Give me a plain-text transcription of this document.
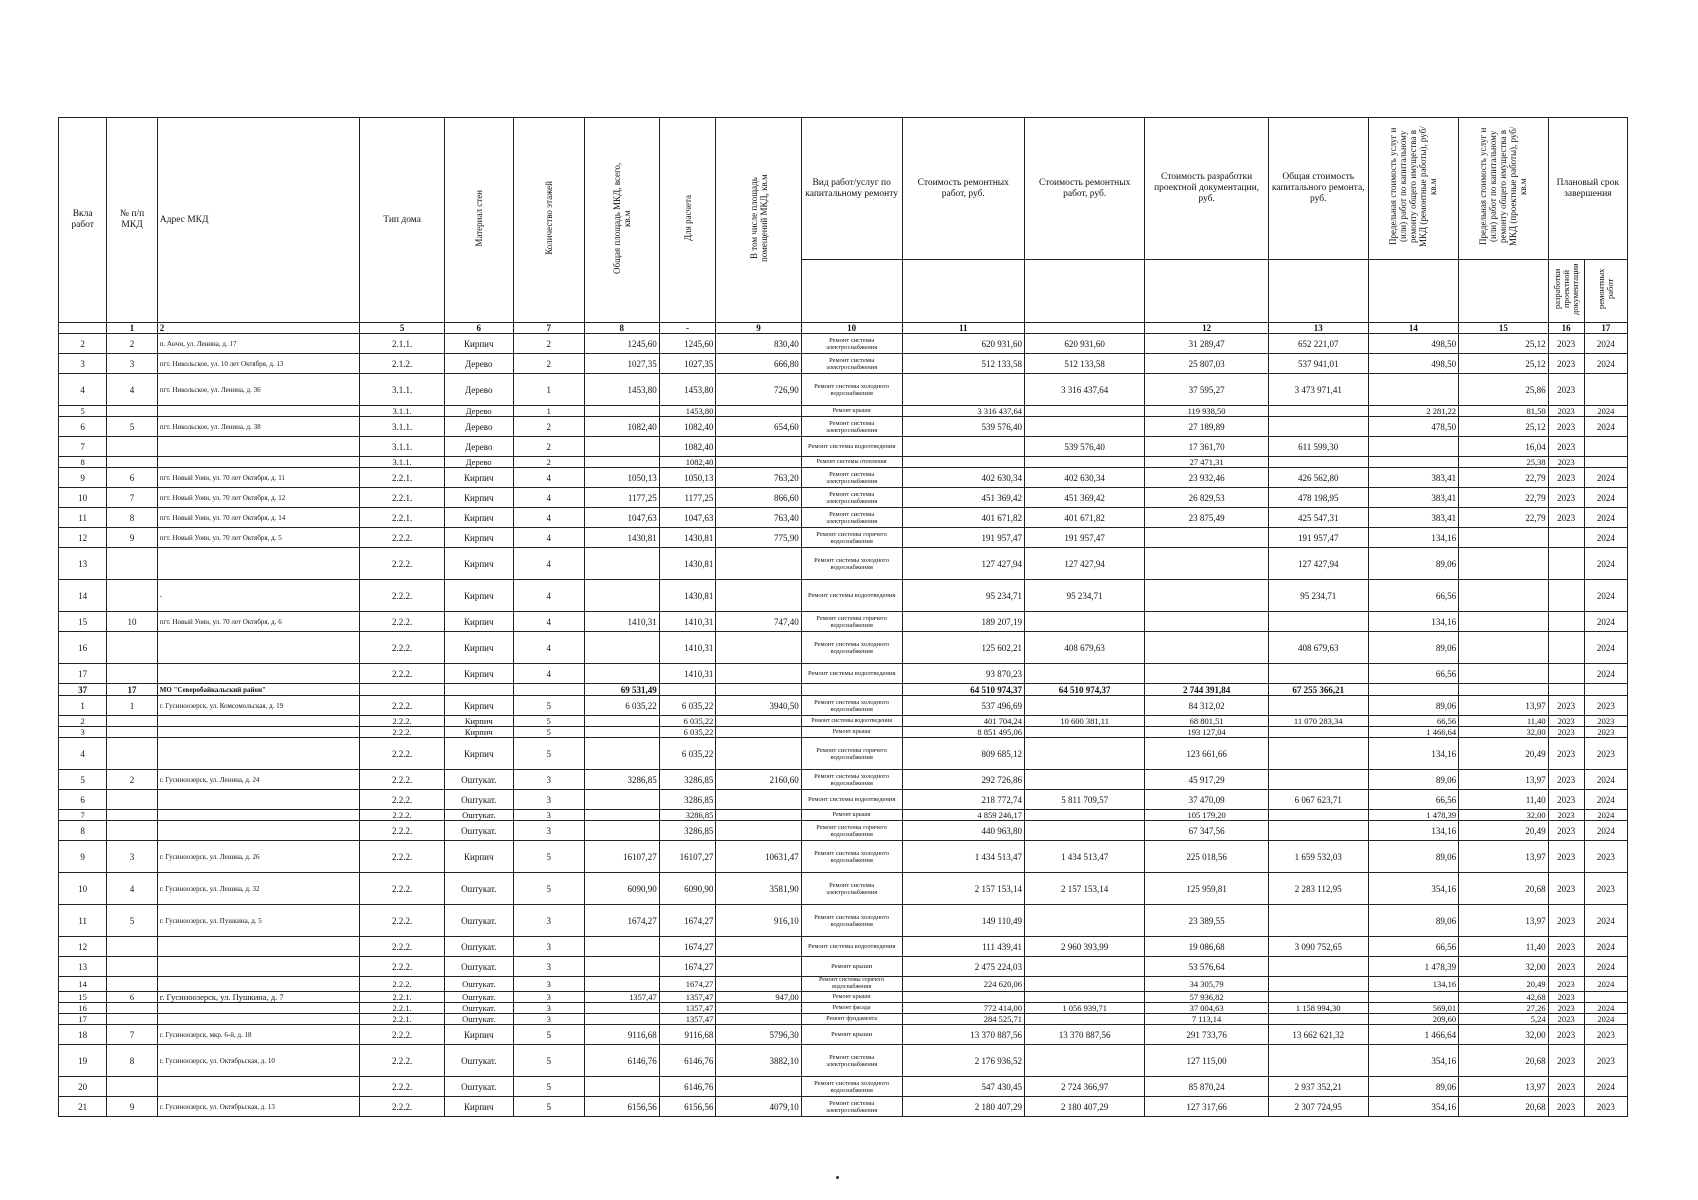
Вкла работ	№ п/п МКД	Адрес МКД	Тип дома	Материал стен	Количество этажей	Общая площадь МКД, всего, кв.м	Для расчета	В том числе площадь помещений МКД, кв.м	Вид работ/услуг по капитальному ремонту	Стоимость ремонтных работ, руб.	Стоимость ремонтных работ, руб.	Стоимость разработки проектной документации, руб.	Общая стоимость капитального ремонта, руб.	Предельная стоимость услуг и (или) работ по капитальному ремонту общего имущества в МКД (ремонтные работы), руб/кв.м	Предельная стоимость услуг и (или) работ по капитальному ремонту общего имущества в МКД (проектные работы), руб/кв.м	Плановый срок завершения	
																разработки проектной документации	ремонтных работ
	1	2	5	6	7	8	-	9	10	11		12	13	14	15	16	17
2	2	п. Анчи, ул. Ленина, д. 17	2.1.1.	Кирпич	2	1245,60	1245,60	830,40	Ремонт системы электроснабжения	620 931,60	620 931,60	31 289,47	652 221,07	498,50	25,12	2023	2024
3	3	пгт. Никольское, ул. 10 лет Октября, д. 13	2.1.2.	Дерево	2	1027,35	1027,35	666,80	Ремонт системы электроснабжения	512 133,58	512 133,58	25 807,03	537 941,01	498,50	25,12	2023	2024
4	4	пгт. Никольское, ул. Ленина, д. 36	3.1.1.	Дерево	1	1453,80	1453,80	726,90	Ремонт системы холодного водоснабжения		3 316 437,64	37 595,27	3 473 971,41		25,86	2023	
5			3.1.1.	Дерево	1		1453,80		Ремонт крыши	3 316 437,64		119 938,50		2 281,22	81,50	2023	2024
6	5	пгт. Никольское, ул. Ленина, д. 38	3.1.1.	Дерево	2	1082,40	1082,40	654,60	Ремонт системы электроснабжения	539 576,40		27 189,89		478,50	25,12	2023	2024
7			3.1.1.	Дерево	2		1082,40		Ремонт системы водоотведения		539 576,40	17 361,70	611 599,30		16,04	2023	
8			3.1.1.	Дерево	2		1082,40		Ремонт системы отопления			27 471,31			25,38	2023	
9	6	пгт. Новый Уоян, ул. 70 лет Октября, д. 11	2.2.1.	Кирпич	4	1050,13	1050,13	763,20	Ремонт системы электроснабжения	402 630,34	402 630,34	23 932,46	426 562,80	383,41	22,79	2023	2024
10	7	пгт. Новый Уоян, ул. 70 лет Октября, д. 12	2.2.1.	Кирпич	4	1177,25	1177,25	866,60	Ремонт системы электроснабжения	451 369,42	451 369,42	26 829,53	478 198,95	383,41	22,79	2023	2024
11	8	пгт. Новый Уоян, ул. 70 лет Октября, д. 14	2.2.1.	Кирпич	4	1047,63	1047,63	763,40	Ремонт системы электроснабжения	401 671,82	401 671,82	23 875,49	425 547,31	383,41	22,79	2023	2024
12	9	пгт. Новый Уоян, ул. 70 лет Октября, д. 5	2.2.2.	Кирпич	4	1430,81	1430,81	775,90	Ремонт системы горячего водоснабжения	191 957,47	191 957,47		191 957,47	134,16			2024
13			2.2.2.	Кирпич	4		1430,81		Ремонт системы холодного водоснабжения	127 427,94	127 427,94		127 427,94	89,06			2024
14		-	2.2.2.	Кирпич	4		1430,81		Ремонт системы водоотведения	95 234,71	95 234,71		95 234,71	66,56			2024
15	10	пгт. Новый Уоян, ул. 70 лет Октября, д. 6	2.2.2.	Кирпич	4	1410,31	1410,31	747,40	Ремонт системы горячего водоснабжения	189 207,19				134,16			2024
16			2.2.2.	Кирпич	4		1410,31		Ремонт системы холодного водоснабжения	125 602,21	408 679,63		408 679,63	89,06			2024
17			2.2.2.	Кирпич	4		1410,31		Ремонт системы водоотведения	93 870,23				66,56			2024
37	17	МО "Северобайкальский район"				69 531,49				64 510 974,37	64 510 974,37	2 744 391,84	67 255 366,21				
1	1	г. Гусиноозерск, ул. Комсомольская, д. 19	2.2.2.	Кирпич	5	6 035,22	6 035,22	3940,50	Ремонт системы холодного водоснабжения	537 496,69		84 312,02		89,06	13,97	2023	2023
2			2.2.2.	Кирпич	5		6 035,22		Ремонт системы водоотведения	401 704,24	10 600 381,11	68 801,51	11 070 283,34	66,56	11,40	2023	2023
3			2.2.2.	Кирпич	5		6 035,22		Ремонт крыши	8 851 495,06		193 127,04		1 466,64	32,00	2023	2023
4			2.2.2.	Кирпич	5		6 035,22		Ремонт системы горячего водоснабжения	809 685,12		123 661,66		134,16	20,49	2023	2023
5	2	г. Гусиноозерск, ул. Ленина, д. 24	2.2.2.	Оштукат.	3	3286,85	3286,85	2160,60	Ремонт системы холодного водоснабжения	292 726,86		45 917,29		89,06	13,97	2023	2024
6			2.2.2.	Оштукат.	3		3286,85		Ремонт системы водоотведения	218 772,74	5 811 709,57	37 470,09	6 067 623,71	66,56	11,40	2023	2024
7			2.2.2.	Оштукат.	3		3286,85		Ремонт крыши	4 859 246,17		105 179,20		1 478,39	32,00	2023	2024
8			2.2.2.	Оштукат.	3		3286,85		Ремонт системы горячего водоснабжения	440 963,80		67 347,56		134,16	20,49	2023	2024
9	3	г. Гусиноозерск, ул. Ленина, д. 26	2.2.2.	Кирпич	5	16107,27	16107,27	10631,47	Ремонт системы холодного водоснабжения	1 434 513,47	1 434 513,47	225 018,56	1 659 532,03	89,06	13,97	2023	2023
10	4	г. Гусиноозерск, ул. Ленина, д. 32	2.2.2.	Оштукат.	5	6090,90	6090,90	3581,90	Ремонт системы электроснабжения	2 157 153,14	2 157 153,14	125 959,81	2 283 112,95	354,16	20,68	2023	2023
11	5	г. Гусиноозерск, ул. Пушкина, д. 5	2.2.2.	Оштукат.	3	1674,27	1674,27	916,10	Ремонт системы холодного водоснабжения	149 110,49		23 389,55		89,06	13,97	2023	2024
12			2.2.2.	Оштукат.	3		1674,27		Ремонт системы водоотведения	111 439,41	2 960 393,99	19 086,68	3 090 752,65	66,56	11,40	2023	2024
13			2.2.2.	Оштукат.	3		1674,27		Ремонт крыши	2 475 224,03		53 576,64		1 478,39	32,00	2023	2024
14			2.2.2.	Оштукат.	3		1674,27		Ремонт системы горячего водоснабжения	224 620,06		34 305,79		134,16	20,49	2023	2024
15	6	г. Гусиноозерск, ул. Пушкина, д. 7	2.2.1.	Оштукат.	3	1357,47	1357,47	947,00	Ремонт крыши			57 936,82			42,68	2023	
16			2.2.1.	Оштукат.	3		1357,47		Ремонт фасада	772 414,00	1 056 939,71	37 004,63	1 158 994,30	569,01	27,26	2023	2024
17			2.2.1.	Оштукат.	3		1357,47		Ремонт фундамента	284 525,71		7 113,14		209,60	5,24	2023	2024
18	7	г. Гусиноозерск, мкр. 6-й, д. 18	2.2.2.	Кирпич	5	9116,68	9116,68	5796,30	Ремонт крыши	13 370 887,56	13 370 887,56	291 733,76	13 662 621,32	1 466,64	32,00	2023	2023
19	8	г. Гусиноозерск, ул. Октябрьская, д. 10	2.2.2.	Оштукат.	5	6146,76	6146,76	3882,10	Ремонт системы электроснабжения	2 176 936,52		127 115,00		354,16	20,68	2023	2023
20			2.2.2.	Оштукат.	5		6146,76		Ремонт системы холодного водоснабжения	547 430,45	2 724 366,97	85 870,24	2 937 352,21	89,06	13,97	2023	2024
21	9	г. Гусиноозерск, ул. Октябрьская, д. 13	2.2.2.	Кирпич	5	6156,56	6156,56	4079,10	Ремонт системы электроснабжения	2 180 407,29	2 180 407,29	127 317,66	2 307 724,95	354,16	20,68	2023	2023
